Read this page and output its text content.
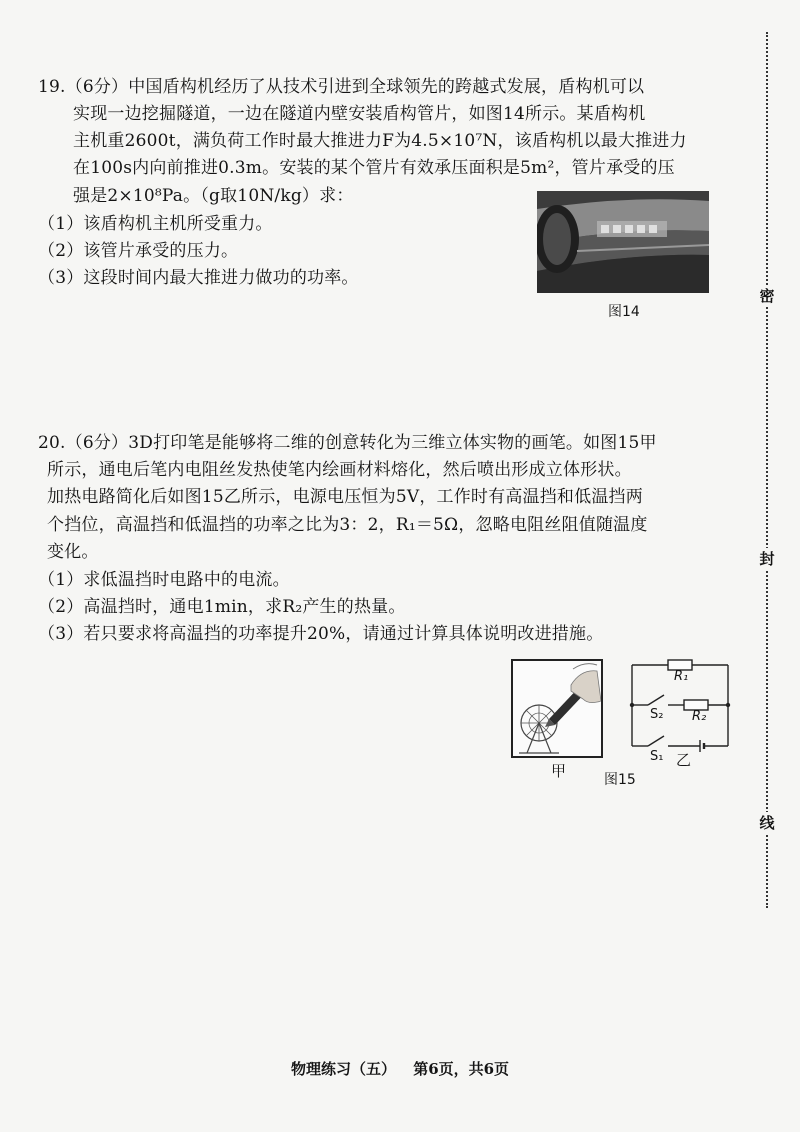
19.（6分）中国盾构机经历了从技术引进到全球领先的跨越式发展，盾构机可以
实现一边挖掘隧道，一边在隧道内壁安装盾构管片，如图14所示。某盾构机
主机重2600t，满负荷工作时最大推进力F为4.5×10⁷N，该盾构机以最大推进力
在100s内向前推进0.3m。安装的某个管片有效承压面积是5m²，管片承受的压
强是2×10⁸Pa。（g取10N/kg）求：
（1）该盾构机主机所受重力。
（2）该管片承受的压力。
（3）这段时间内最大推进力做功的功率。
图14
20.（6分）3D打印笔是能够将二维的创意转化为三维立体实物的画笔。如图15甲
所示，通电后笔内电阻丝发热使笔内绘画材料熔化，然后喷出形成立体形状。
加热电路简化后如图15乙所示，电源电压恒为5V，工作时有高温挡和低温挡两
个挡位，高温挡和低温挡的功率之比为3：2，R₁＝5Ω，忽略电阻丝阻值随温度
变化。
（1）求低温挡时电路中的电流。
（2）高温挡时，通电1min，求R₂产生的热量。
（3）若只要求将高温挡的功率提升20%，请通过计算具体说明改进措施。
甲	图15
R₁
R₂
S₂
S₁ 乙
密
封
线
物理练习（五） 第6页，共6页
